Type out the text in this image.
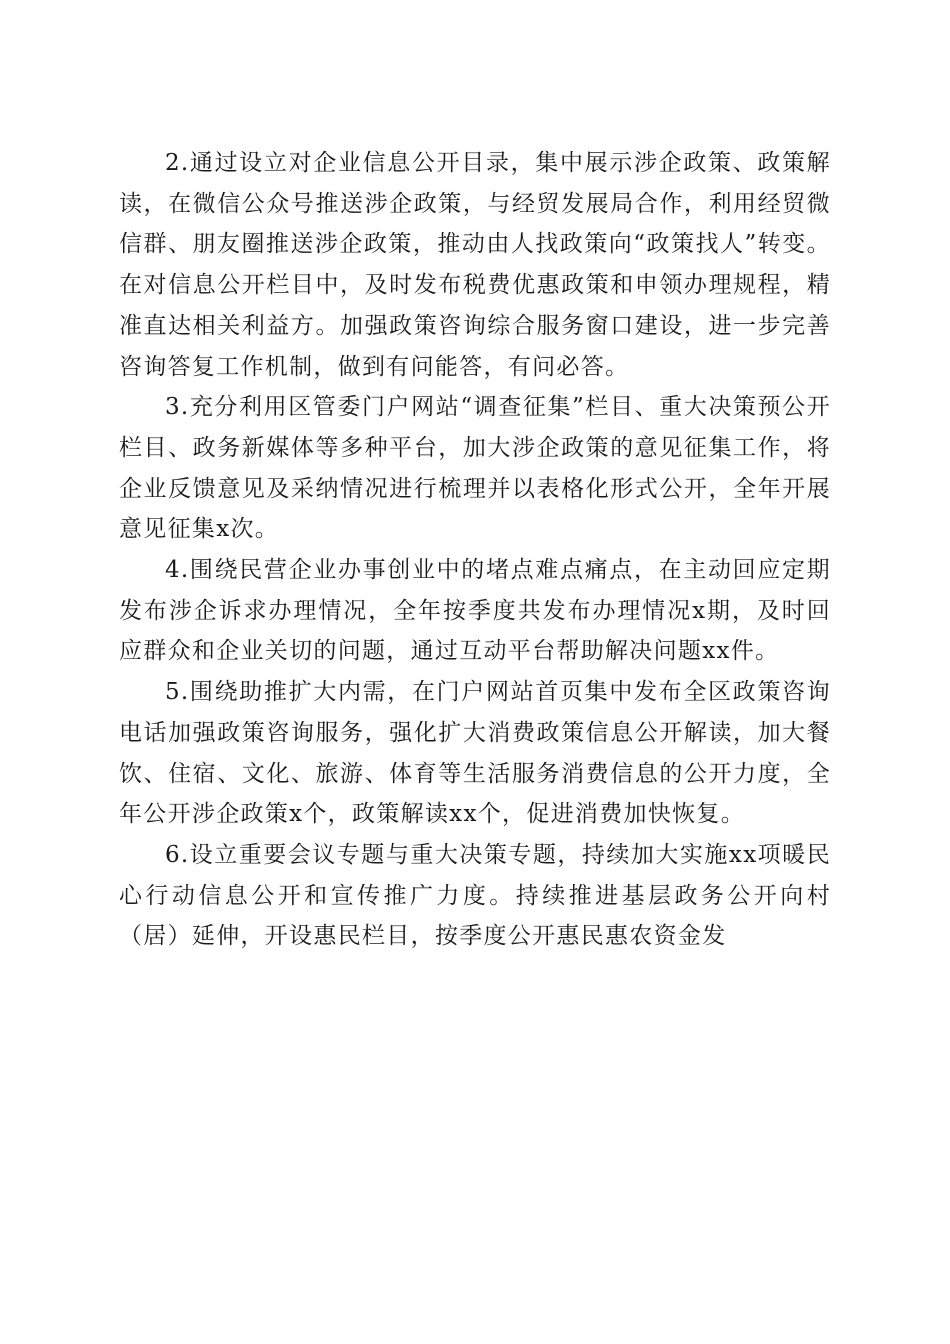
2.通过设立对企业信息公开目录，集中展示涉企政策、政策解读，在微信公众号推送涉企政策，与经贸发展局合作，利用经贸微信群、朋友圈推送涉企政策，推动由人找政策向“政策找人”转变。在对信息公开栏目中，及时发布税费优惠政策和申领办理规程，精准直达相关利益方。加强政策咨询综合服务窗口建设，进一步完善咨询答复工作机制，做到有问能答，有问必答。

3.充分利用区管委门户网站“调查征集”栏目、重大决策预公开栏目、政务新媒体等多种平台，加大涉企政策的意见征集工作，将企业反馈意见及采纳情况进行梳理并以表格化形式公开，全年开展意见征集x次。

4.围绕民营企业办事创业中的堵点难点痛点，在主动回应定期发布涉企诉求办理情况，全年按季度共发布办理情况x期，及时回应群众和企业关切的问题，通过互动平台帮助解决问题xx件。

5.围绕助推扩大内需，在门户网站首页集中发布全区政策咨询电话加强政策咨询服务，强化扩大消费政策信息公开解读，加大餐饮、住宿、文化、旅游、体育等生活服务消费信息的公开力度，全年公开涉企政策x个，政策解读xx个，促进消费加快恢复。

6.设立重要会议专题与重大决策专题，持续加大实施xx项暖民心行动信息公开和宣传推广力度。持续推进基层政务公开向村（居）延伸，开设惠民栏目，按季度公开惠民惠农资金发
